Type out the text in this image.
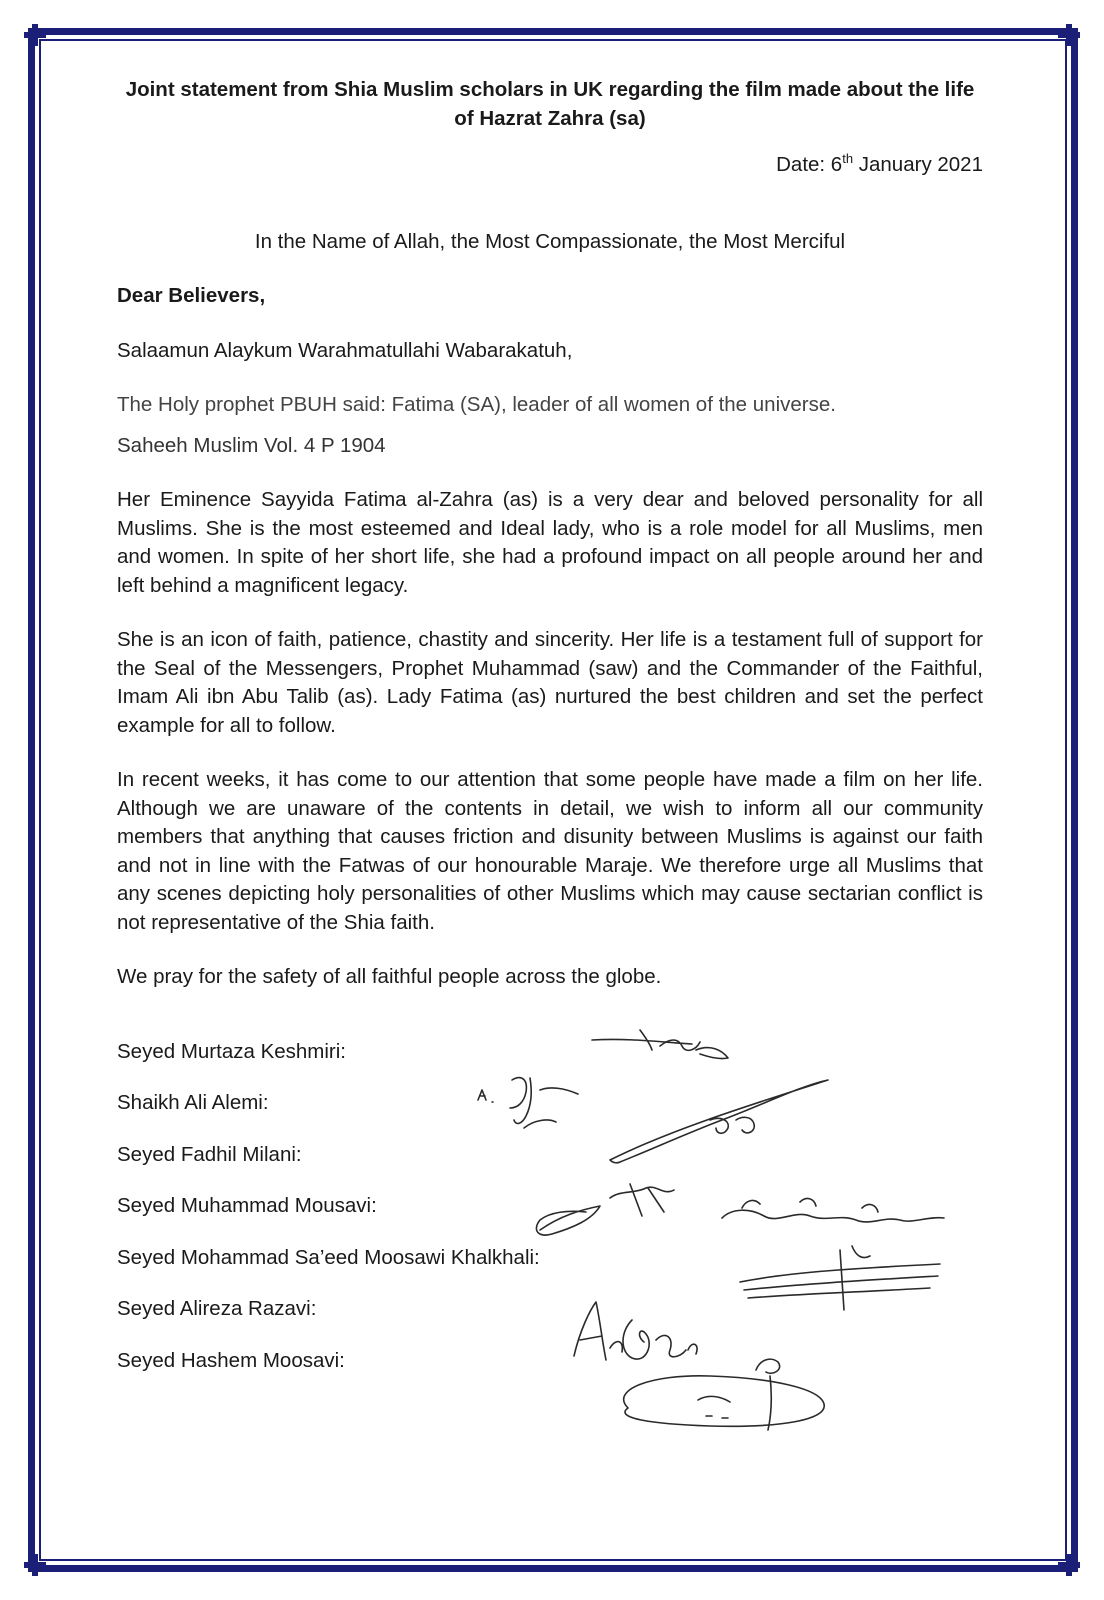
Joint statement from Shia Muslim scholars in UK regarding the film made about the life of Hazrat Zahra (sa)
Date: 6th January 2021
In the Name of Allah, the Most Compassionate, the Most Merciful
Dear Believers,
Salaamun Alaykum Warahmatullahi Wabarakatuh,
The Holy prophet PBUH said: Fatima (SA), leader of all women of the universe.
Saheeh Muslim Vol. 4 P 1904
Her Eminence Sayyida Fatima al-Zahra (as) is a very dear and beloved personality for all Muslims. She is the most esteemed and Ideal lady, who is a role model for all Muslims, men and women. In spite of her short life, she had a profound impact on all people around her and left behind a magnificent legacy.
She is an icon of faith, patience, chastity and sincerity. Her life is a testament full of support for the Seal of the Messengers, Prophet Muhammad (saw) and the Commander of the Faithful, Imam Ali ibn Abu Talib (as). Lady Fatima (as) nurtured the best children and set the perfect example for all to follow.
In recent weeks, it has come to our attention that some people have made a film on her life. Although we are unaware of the contents in detail, we wish to inform all our community members that anything that causes friction and disunity between Muslims is against our faith and not in line with the Fatwas of our honourable Maraje. We therefore urge all Muslims that any scenes depicting holy personalities of other Muslims which may cause sectarian conflict is not representative of the Shia faith.
We pray for the safety of all faithful people across the globe.
Seyed Murtaza Keshmiri:
Shaikh Ali Alemi:
Seyed Fadhil Milani:
Seyed Muhammad Mousavi:
Seyed Mohammad Sa’eed Moosawi Khalkhali:
Seyed Alireza Razavi:
Seyed Hashem Moosavi:
